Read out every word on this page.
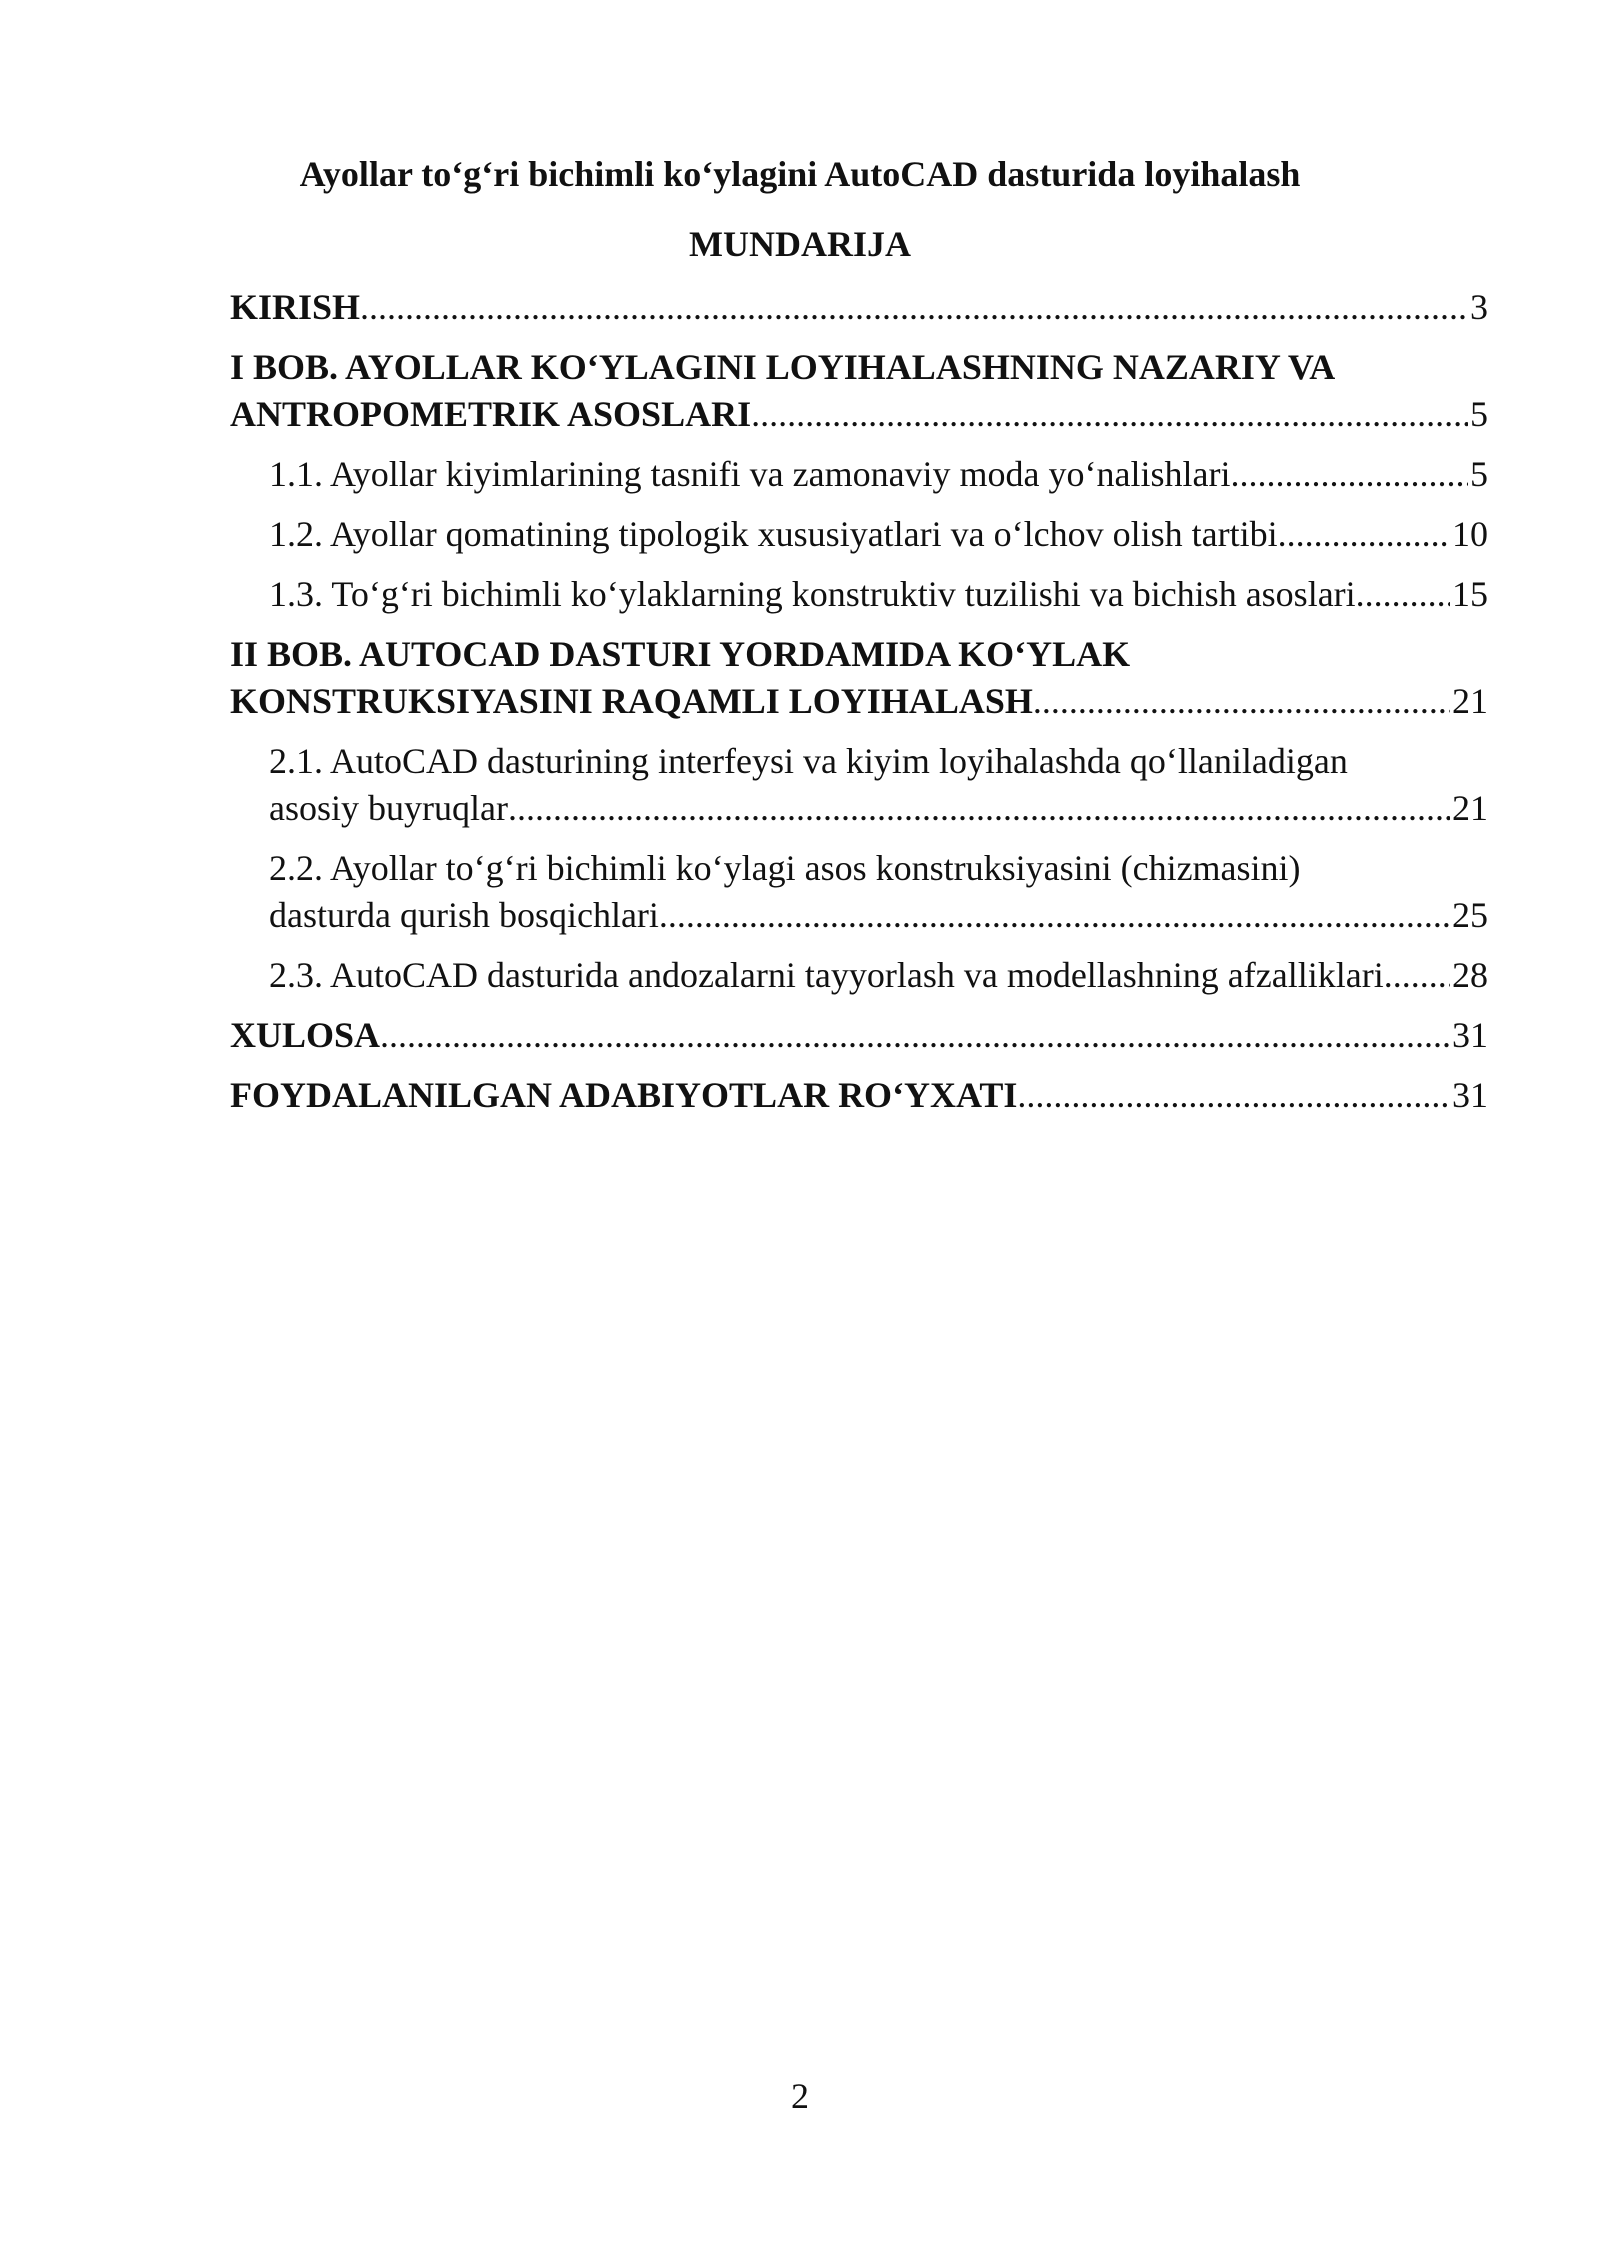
Ayollar to‘g‘ri bichimli ko‘ylagini AutoCAD dasturida loyihalash
MUNDARIJA
KIRISH .....	3
I BOB. AYOLLAR KO‘YLAGINI LOYIHALASHNING NAZARIY VA
ANTROPOMETRIK ASOSLARI .....	5
1.1. Ayollar kiyimlarining tasnifi va zamonaviy moda yo‘nalishlari .....	5
1.2. Ayollar qomatining tipologik xususiyatlari va o‘lchov olish tartibi .....	10
1.3. To‘g‘ri bichimli ko‘ylaklarning konstruktiv tuzilishi va bichish asoslari .....	15
II BOB. AUTOCAD DASTURI YORDAMIDA KO‘YLAK
KONSTRUKSIYASINI RAQAMLI LOYIHALASH .....	21
2.1. AutoCAD dasturining interfeysi va kiyim loyihalashda qo‘llaniladigan
asosiy buyruqlar .....	21
2.2. Ayollar to‘g‘ri bichimli ko‘ylagi asos konstruksiyasini (chizmasini)
dasturda qurish bosqichlari .....	25
2.3. AutoCAD dasturida andozalarni tayyorlash va modellashning afzalliklari. ..... 28
XULOSA .....	31
FOYDALANILGAN ADABIYOTLAR RO‘YXATI .....	31
2
